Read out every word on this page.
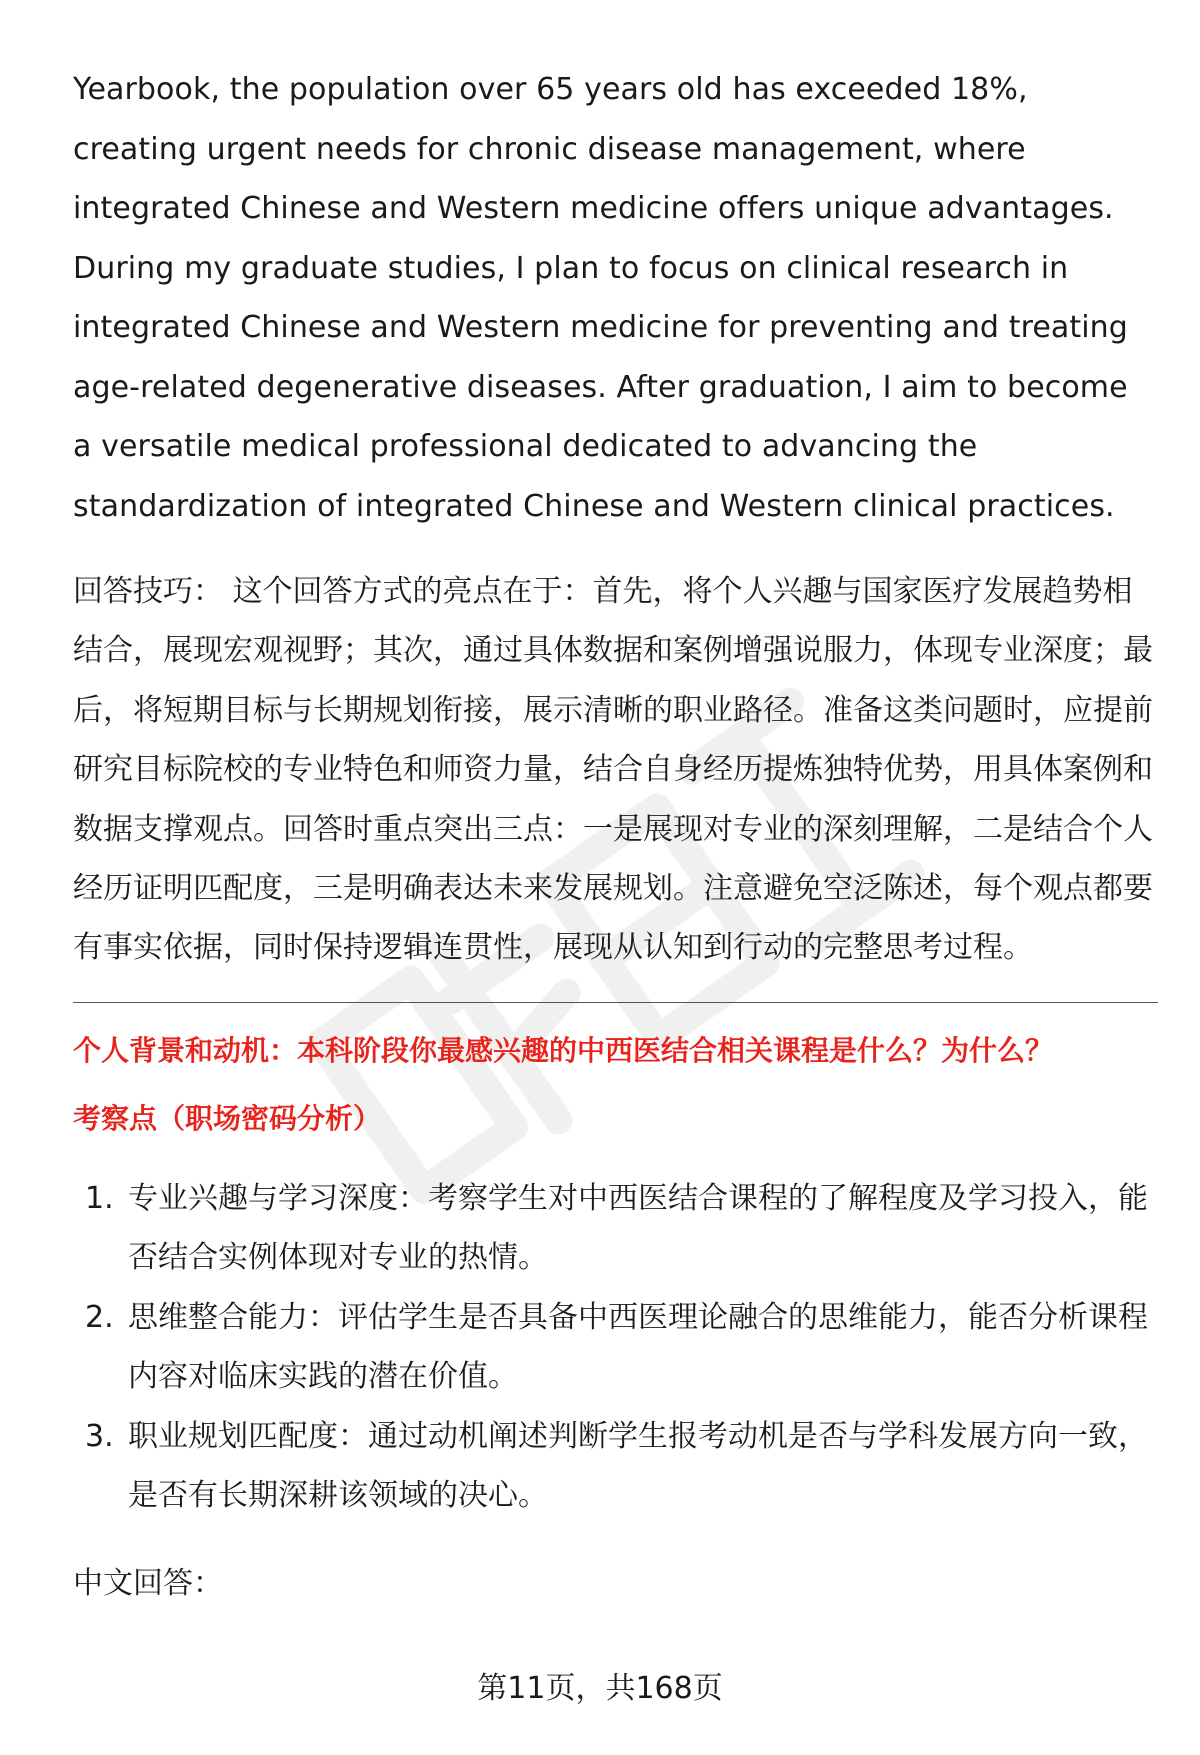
Yearbook, the population over 65 years old has exceeded 18%, creating urgent needs for chronic disease management, where integrated Chinese and Western medicine offers unique advantages. During my graduate studies, I plan to focus on clinical research in integrated Chinese and Western medicine for preventing and treating age-related degenerative diseases. After graduation, I aim to become a versatile medical professional dedicated to advancing the standardization of integrated Chinese and Western clinical practices.

回答技巧： 这个回答方式的亮点在于：首先，将个人兴趣与国家医疗发展趋势相结合，展现宏观视野；其次，通过具体数据和案例增强说服力，体现专业深度；最后，将短期目标与长期规划衔接，展示清晰的职业路径。准备这类问题时，应提前研究目标院校的专业特色和师资力量，结合自身经历提炼独特优势，用具体案例和数据支撑观点。回答时重点突出三点：一是展现对专业的深刻理解，二是结合个人经历证明匹配度，三是明确表达未来发展规划。注意避免空泛陈述，每个观点都要有事实依据，同时保持逻辑连贯性，展现从认知到行动的完整思考过程。

个人背景和动机：本科阶段你最感兴趣的中西医结合相关课程是什么？为什么？

考察点（职场密码分析）

1. 专业兴趣与学习深度：考察学生对中西医结合课程的了解程度及学习投入，能否结合实例体现对专业的热情。
2. 思维整合能力：评估学生是否具备中西医理论融合的思维能力，能否分析课程内容对临床实践的潜在价值。
3. 职业规划匹配度：通过动机阐述判断学生报考动机是否与学科发展方向一致，是否有长期深耕该领域的决心。

中文回答：

第11页，共168页
